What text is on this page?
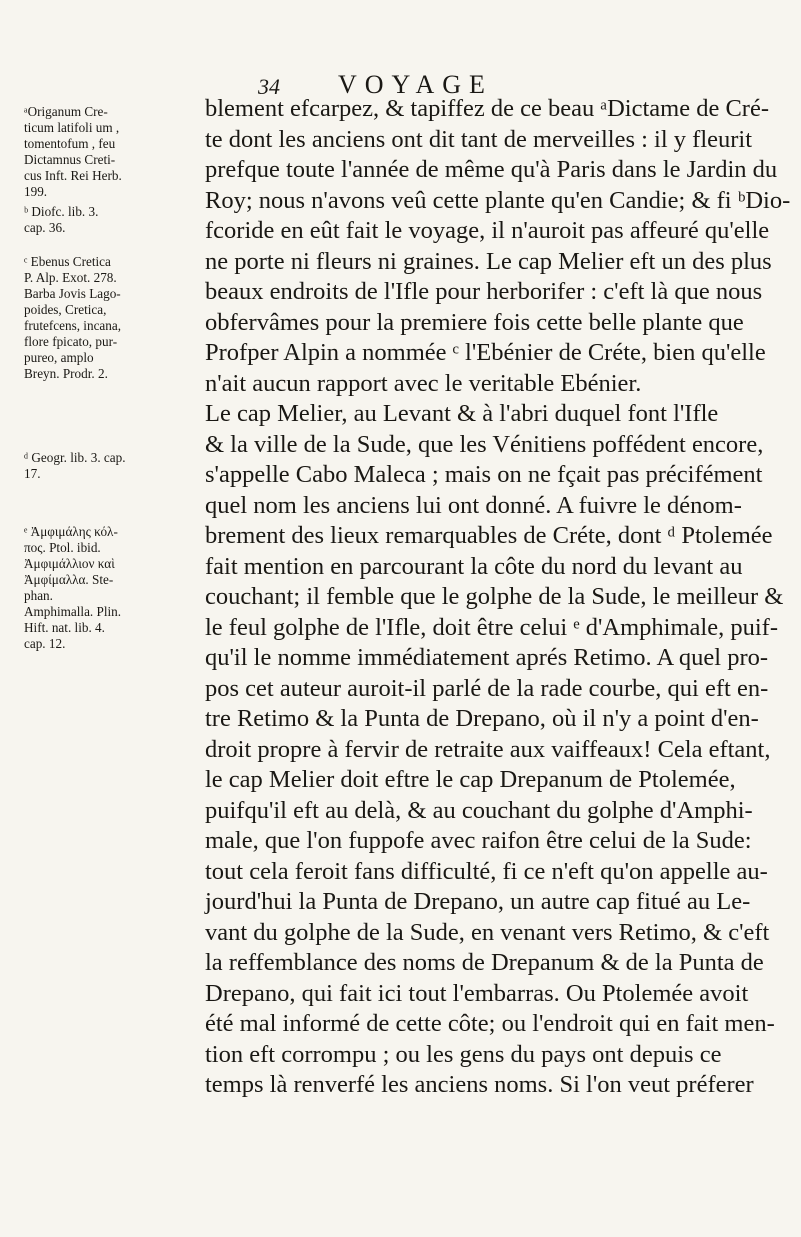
34 VOYAGE
ᵃOriganum Cre-
ticum latifoli um ,
tomentofum , feu
Dictamnus Creti-
cus Inft. Rei Herb.
199.
ᵇ Diofc. lib. 3.
cap. 36.
ᶜ Ebenus Cretica
P. Alp. Exot. 278.
Barba Jovis Lago-
poides, Cretica,
frutefcens, incana,
flore fpicato, pur-
pureo, amplo
Breyn. Prodr. 2.
ᵈ Geogr. lib. 3. cap.
17.
ᵉ Ἀμφιμάλης κόλ-
πος. Ptol. ibid.
Ἀμφιμάλλιον καὶ
Ἀμφίμαλλα. Ste-
phan.
Amphimalla. Plin.
Hift. nat. lib. 4.
cap. 12.
blement efcarpez, & tapiffez de ce beau ᵃDictame de Cré-
te dont les anciens ont dit tant de merveilles : il y fleurit
prefque toute l'année de même qu'à Paris dans le Jardin du
Roy; nous n'avons veû cette plante qu'en Candie; & fi ᵇDio-
fcoride en eût fait le voyage, il n'auroit pas affeuré qu'elle
ne porte ni fleurs ni graines. Le cap Melier eft un des plus
beaux endroits de l'Ifle pour herborifer : c'eft là que nous
obfervâmes pour la premiere fois cette belle plante que
Profper Alpin a nommée ᶜ l'Ebénier de Créte, bien qu'elle
n'ait aucun rapport avec le veritable Ebénier.
Le cap Melier, au Levant & à l'abri duquel font l'Ifle
& la ville de la Sude, que les Vénitiens poffédent encore,
s'appelle Cabo Maleca ; mais on ne fçait pas précifément
quel nom les anciens lui ont donné. A fuivre le dénom-
brement des lieux remarquables de Créte, dont ᵈ Ptolemée
fait mention en parcourant la côte du nord du levant au
couchant; il femble que le golphe de la Sude, le meilleur &
le feul golphe de l'Ifle, doit être celui ᵉ d'Amphimale, puif-
qu'il le nomme immédiatement aprés Retimo. A quel pro-
pos cet auteur auroit-il parlé de la rade courbe, qui eft en-
tre Retimo & la Punta de Drepano, où il n'y a point d'en-
droit propre à fervir de retraite aux vaiffeaux! Cela eftant,
le cap Melier doit eftre le cap Drepanum de Ptolemée,
puifqu'il eft au delà, & au couchant du golphe d'Amphi-
male, que l'on fuppofe avec raifon être celui de la Sude:
tout cela feroit fans difficulté, fi ce n'eft qu'on appelle au-
jourd'hui la Punta de Drepano, un autre cap fitué au Le-
vant du golphe de la Sude, en venant vers Retimo, & c'eft
la reffemblance des noms de Drepanum & de la Punta de
Drepano, qui fait ici tout l'embarras. Ou Ptolemée avoit
été mal informé de cette côte; ou l'endroit qui en fait men-
tion eft corrompu ; ou les gens du pays ont depuis ce
temps là renverfé les anciens noms. Si l'on veut préferer
